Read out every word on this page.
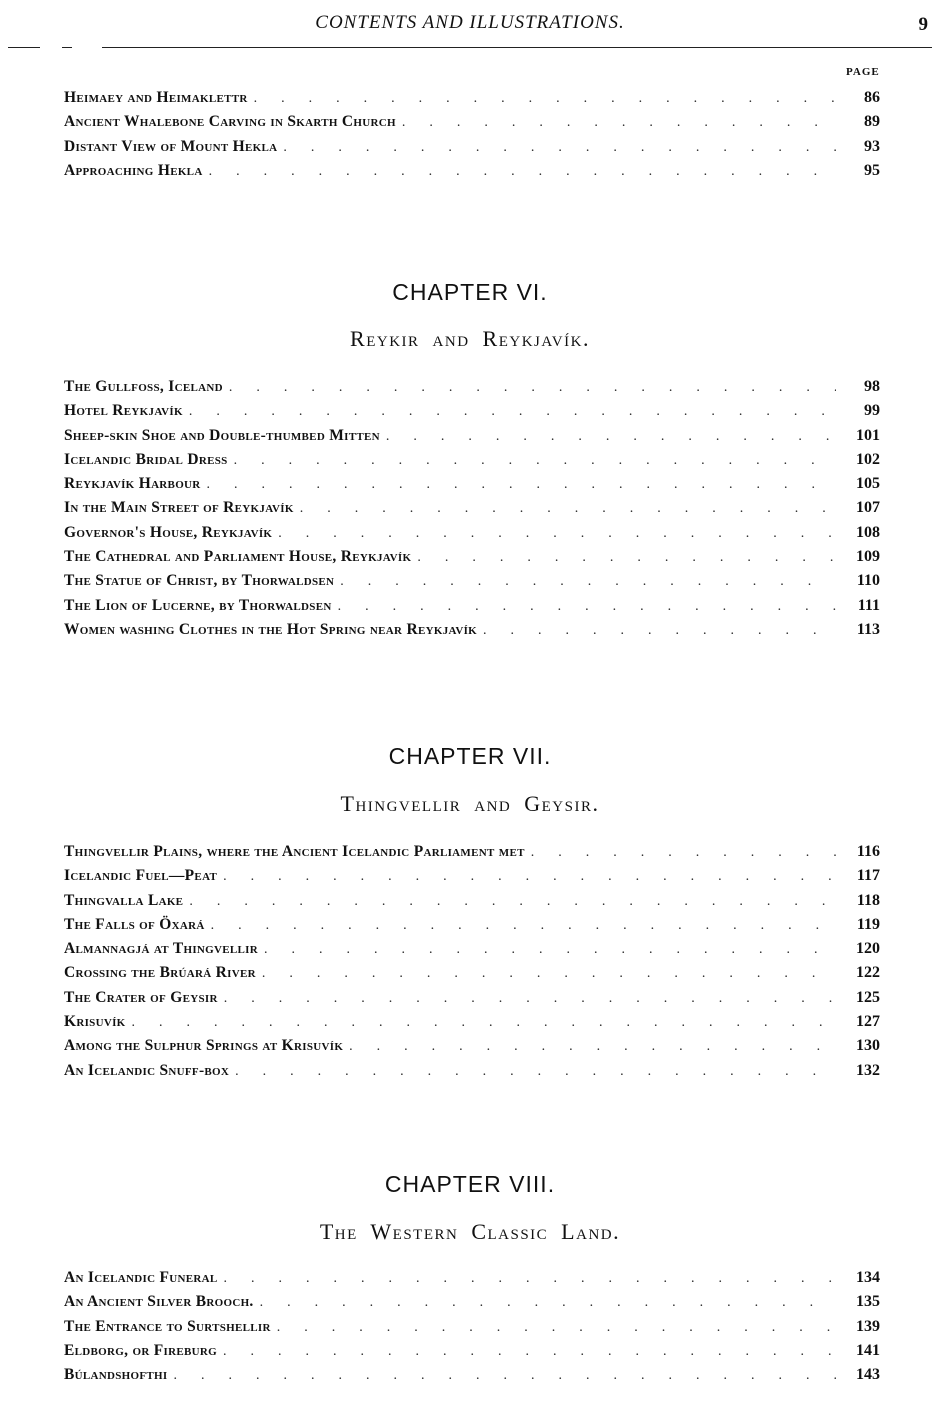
CONTENTS AND ILLUSTRATIONS.	9
PAGE
Heimaey and Heimaklettr .	86
Ancient Whalebone Carving in Skarth Church .	89
Distant View of Mount Hekla .	93
Approaching Hekla .	95
CHAPTER VI.
Reykir and Reykjavík.
The Gullfoss, Iceland .	98
Hotel Reykjavík .	99
Sheep-skin Shoe and Double-thumbed Mitten .	101
Icelandic Bridal Dress .	102
Reykjavík Harbour .	105
In the Main Street of Reykjavík .	107
Governor's House, Reykjavík .	108
The Cathedral and Parliament House, Reykjavík .	109
The Statue of Christ, by Thorwaldsen .	110
The Lion of Lucerne, by Thorwaldsen .	111
Women washing Clothes in the Hot Spring near Reykjavík .	113
CHAPTER VII.
Thingvellir and Geysir.
Thingvellir Plains, where the Ancient Icelandic Parliament met .	116
Icelandic Fuel—Peat .	117
Thingvalla Lake .	118
The Falls of Öxará .	119
Almannagjá at Thingvellir .	120
Crossing the Brúará River .	122
The Crater of Geysir .	125
Krisuvík .	127
Among the Sulphur Springs at Krisuvík .	130
An Icelandic Snuff-box .	132
CHAPTER VIII.
The Western Classic Land.
An Icelandic Funeral .	134
An Ancient Silver Brooch. .	135
The Entrance to Surtshellir .	139
Eldborg, or Fireburg .	141
Búlandshofthi .	143
